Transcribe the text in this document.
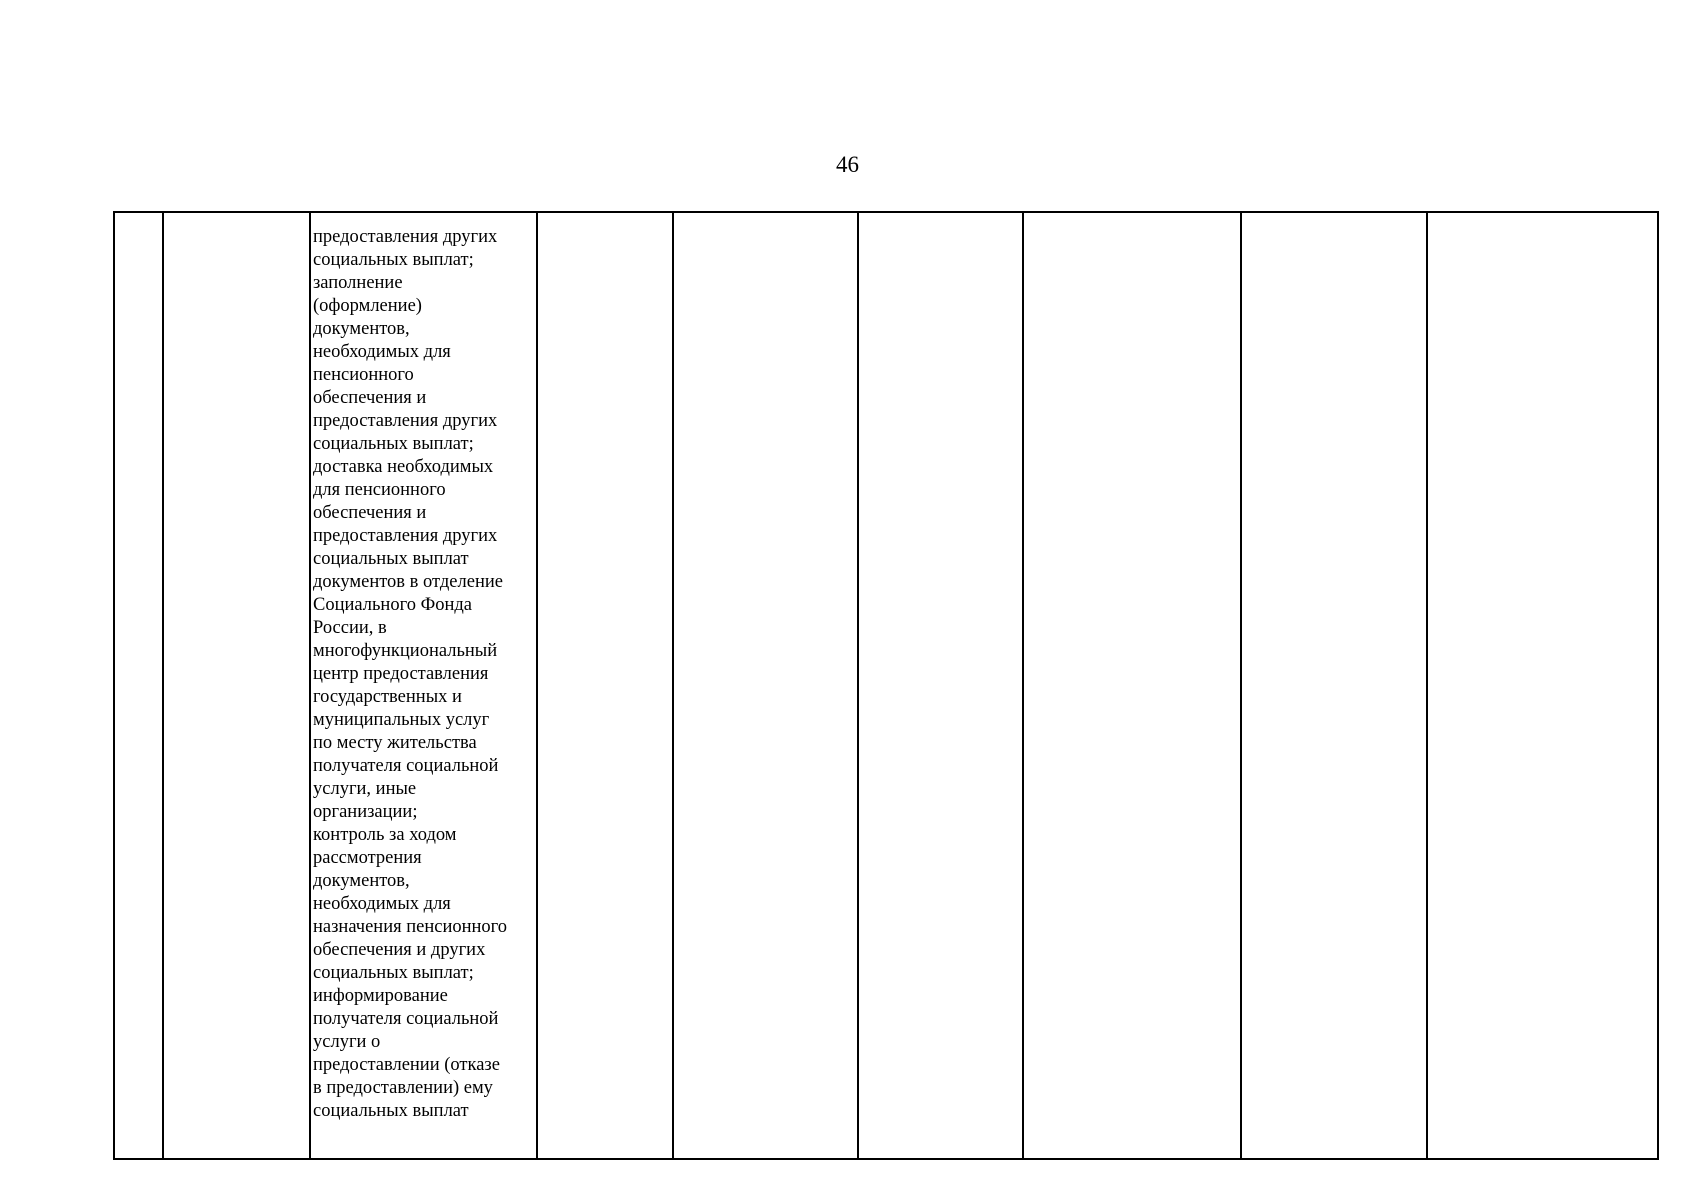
46
предоставления других
социальных выплат;
заполнение
(оформление)
документов,
необходимых для
пенсионного
обеспечения и
предоставления других
социальных выплат;
доставка необходимых
для пенсионного
обеспечения и
предоставления других
социальных выплат
документов в отделение
Социального Фонда
России, в
многофункциональный
центр предоставления
государственных и
муниципальных услуг
по месту жительства
получателя социальной
услуги, иные
организации;
контроль за ходом
рассмотрения
документов,
необходимых для
назначения пенсионного
обеспечения и других
социальных выплат;
информирование
получателя социальной
услуги о
предоставлении (отказе
в предоставлении) ему
социальных выплат
